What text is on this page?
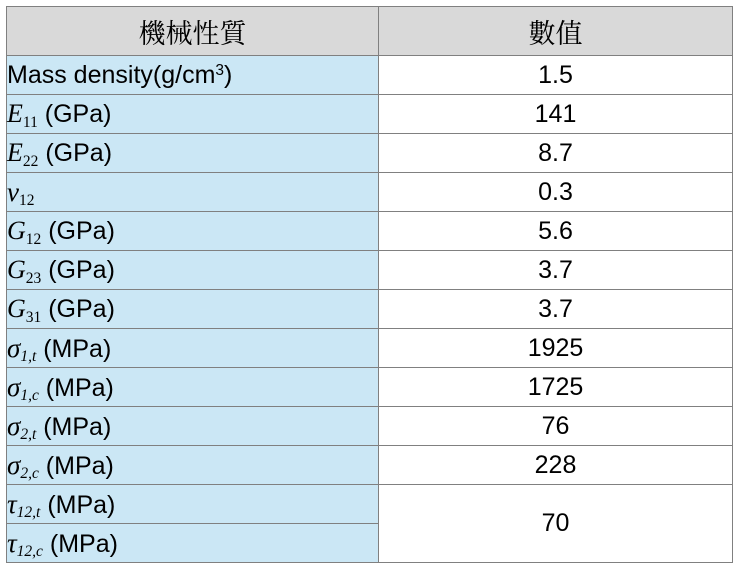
機械性質	數值
Mass $density(g/cm^3)$	1.5
$E_{11}$ (GPa)	141
$E_{22}$ (GPa)	8.7
$\nu_{12}$	0.3
$G_{12}$ (GPa)	5.6
$G_{23}$ (GPa)	3.7
$G_{31}$ (GPa)	3.7
$\sigma_{1,t}$ (MPa)	1925
$\sigma_{1,c}$ (MPa)	1725
$\sigma_{2,t}$ (MPa)	76
$\sigma_{2,c}$ (MPa)	228
$\tau_{12,t}$ (MPa)	70
$\tau_{12,c}$ (MPa)	
